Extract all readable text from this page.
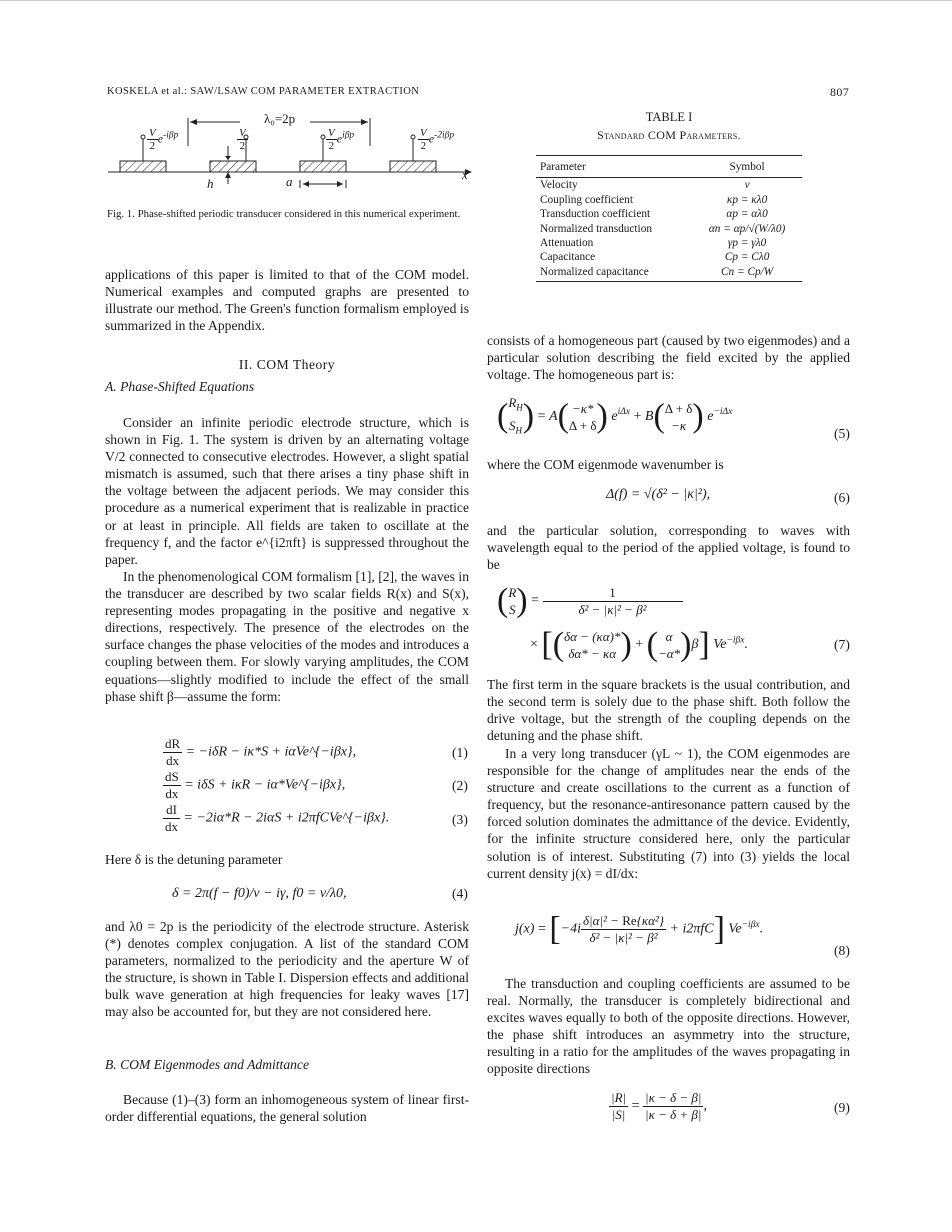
KOSKELA et al.: SAW/LSAW COM PARAMETER EXTRACTION	807
λ₀=2p
h	a	x
$\frac{V}{2} e^{-i\beta p}$	$\frac{V}{2}$	$\frac{V}{2} e^{i\beta p}$	$\frac{V}{2} e^{-2i\beta p}$
Fig. 1. Phase-shifted periodic transducer considered in this numerical experiment.
TABLE I
Standard COM Parameters.
Parameter	Symbol
Velocity	v
Coupling coefficient	κp = κλ0
Transduction coefficient	αp = αλ0
Normalized transduction	αn = αp/√(W/λ0)
Attenuation	γp = γλ0
Capacitance	Cp = Cλ0
Normalized capacitance	Cn = Cp/W
applications of this paper is limited to that of the COM model. Numerical examples and computed graphs are presented to illustrate our method. The Green's function formalism employed is summarized in the Appendix.
II. COM Theory
A. Phase-Shifted Equations
Consider an infinite periodic electrode structure, which is shown in Fig. 1. The system is driven by an alternating voltage V/2 connected to consecutive electrodes. However, a slight spatial mismatch is assumed, such that there arises a tiny phase shift in the voltage between the adjacent periods. We may consider this procedure as a numerical experiment that is realizable in practice or at least in principle. All fields are taken to oscillate at the frequency f, and the factor e^{i2πft} is suppressed throughout the paper.
In the phenomenological COM formalism [1], [2], the waves in the transducer are described by two scalar fields R(x) and S(x), representing modes propagating in the positive and negative x directions, respectively. The presence of the electrodes on the surface changes the phase velocities of the modes and introduces a coupling between them. For slowly varying amplitudes, the COM equations—slightly modified to include the effect of the small phase shift β—assume the form:
$\frac{dR}{dx} = -i\delta R - i\kappa*S$ + iαVe^{−iβx},	(1)
$\frac{dS}{dx} = i\delta S + i\kappa R$ − iα*Ve^{−iβx},	(2)
$\frac{dI}{dx} = -2i\alpha*R - 2i\alpha S$ + i2πfCVe^{−iβx}.	(3)
Here δ is the detuning parameter
δ = 2π(f − f0)/v − iγ, f0 = v/λ0,	(4)
and λ0 = 2p is the periodicity of the electrode structure. Asterisk (*) denotes complex conjugation. A list of the standard COM parameters, normalized to the periodicity and the aperture W of the structure, is shown in Table I. Dispersion effects and additional bulk wave generation at high frequencies for leaky waves [17] may also be accounted for, but they are not considered here.
B. COM Eigenmodes and Admittance
Because (1)–(3) form an inhomogeneous system of linear first-order differential equations, the general solution
consists of a homogeneous part (caused by two eigenmodes) and a particular solution describing the field excited by the applied voltage. The homogeneous part is:
($R_H$
$S_H) = A( -\kappa*$
Δ + δ) $e^{i\Delta x} + B(\Delta + \delta$
−κ ) $e^{-i\Delta x}$
(5)
where the COM eigenmode wavenumber is
Δ(f) = √(δ² − |κ|²),	(6)
and the particular solution, corresponding to waves with wavelength equal to the period of the applied voltage, is found to be
(R
$S) = \frac{1}{\text{δ² − |κ|² − β²}}$
× [(δα − (κα)*
δα* − κα ) + ( α
−α*)β] $Ve^{-i\beta x}$.	(7)
The first term in the square brackets is the usual contribution, and the second term is solely due to the phase shift. Both follow the drive voltage, but the strength of the coupling depends on the detuning and the phase shift.
In a very long transducer (γL ~ 1), the COM eigenmodes are responsible for the change of amplitudes near the ends of the structure and create oscillations to the current as a function of frequency, but the resonance-antiresonance pattern caused by the forced solution dominates the admittance of the device. Evidently, for the infinite structure considered here, only the particular solution is of interest. Substituting (7) into (3) yields the local current density j(x) = dI/dx:
$j(x) = [-4i \frac{\text{δ|α|² − Re\{κα²\}}}{\text{δ² − |κ|² − β²}} + i2\pi fC]$ $Ve^{-i\beta x}$.
(8)
The transduction and coupling coefficients are assumed to be real. Normally, the transducer is completely bidirectional and excites waves equally to both of the opposite directions. However, the phase shift introduces an asymmetry into the structure, resulting in a ratio for the amplitudes of the waves propagating in opposite directions
$\frac{|R|}{|S|} = \frac{|\kappa - \delta - \beta|}{|\kappa - \delta + \beta|}$ ,	(9)
